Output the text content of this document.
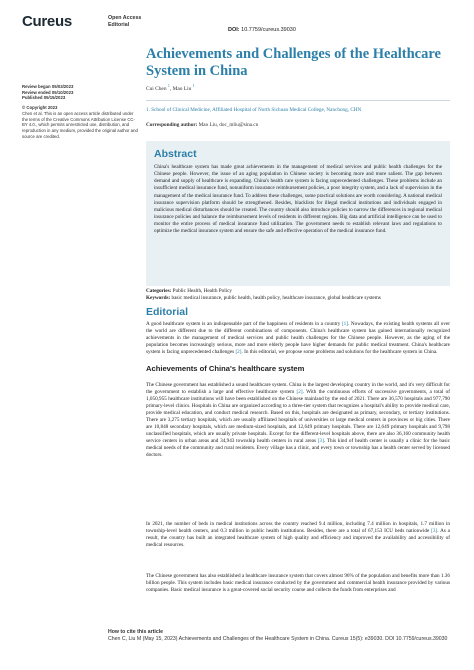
Cureus	Open Access
Editorial
DOI: 10.7759/cureus.39030
Review began 05/03/2023
Review ended 05/10/2023
Published 05/15/2023
© Copyright 2023
Chen et al. This is an open access article distributed under the terms of the Creative Commons Attribution License CC-BY 4.0., which permits unrestricted use, distribution, and reproduction in any medium, provided the original author and source are credited.
Achievements and Challenges of the Healthcare System in China
Cui Chen $^1$, Mao Liu $^1$
1. School of Clinical Medicine, Affiliated Hospital of North Sichuan Medical College, Nanchong, CHN
Corresponding author: Mao Liu, doc_mliu@sina.cn
Abstract
China's healthcare system has made great achievements in the management of medical services and public health challenges for the Chinese people. However, the issue of an aging population in Chinese society is becoming more and more salient. The gap between demand and supply of healthcare is expanding. China's health care system is facing unprecedented challenges. These problems include an insufficient medical insurance fund, nonuniform insurance reimbursement policies, a poor integrity system, and a lack of supervision in the management of the medical insurance fund. To address these challenges, some practical solutions are worth considering. A national medical insurance supervision platform should be strengthened. Besides, blacklists for illegal medical institutions and individuals engaged in malicious medical disturbances should be created. The country should also introduce policies to narrow the differences in regional medical insurance policies and balance the reimbursement levels of residents in different regions. Big data and artificial intelligence can be used to monitor the entire process of medical insurance fund utilization. The government needs to establish relevant laws and regulations to optimize the medical insurance system and ensure the safe and effective operation of the medical insurance fund.
Categories: Public Health, Health Policy
Keywords: basic medical insurance, public health, health policy, healthcare insurance, global healthcare systems
Editorial
A good healthcare system is an indispensable part of the happiness of residents in a country [1]. Nowadays, the existing health systems all over the world are different due to the different combinations of components. China's healthcare system has gained internationally recognized achievements in the management of medical services and public health challenges for the Chinese people. However, as the aging of the population becomes increasingly serious, more and more elderly people have higher demands for public medical treatment. China's healthcare system is facing unprecedented challenges [2]. In this editorial, we propose some problems and solutions for the healthcare system in China.
Achievements of China's healthcare system
The Chinese government has established a sound healthcare system. China is the largest developing country in the world, and it's very difficult for the government to establish a large and effective healthcare system [2]. With the continuous efforts of successive governments, a total of 1,050,955 healthcare institutions will have been established on the Chinese mainland by the end of 2021. There are 36,570 hospitals and 977,790 primary-level clinics. Hospitals in China are organized according to a three-tier system that recognizes a hospital's ability to provide medical care, provide medical education, and conduct medical research. Based on this, hospitals are designated as primary, secondary, or tertiary institutions. There are 3,275 tertiary hospitals, which are usually affiliated hospitals of universities or large medical centers in provinces or big cities. There are 10,848 secondary hospitals, which are medium-sized hospitals, and 12,649 primary hospitals. There are 12,649 primary hospitals and 9,798 unclassified hospitals, which are usually private hospitals. Except for the different-level hospitals above, there are also 36,160 community health service centers in urban areas and 34,943 township health centers in rural areas [3]. This kind of health center is usually a clinic for the basic medical needs of the community and rural residents. Every village has a clinic, and every town or township has a health center served by licensed doctors.
In 2021, the number of beds in medical institutions across the country reached 9.4 million, including 7.4 million in hospitals, 1.7 million in township-level health centers, and 0.3 million in public health institutions. Besides, there are a total of 67,153 ICU beds nationwide [3]. As a result, the country has built an integrated healthcare system of high quality and efficiency and improved the availability and accessibility of medical resources.
The Chinese government has also established a healthcare insurance system that covers almost 96% of the population and benefits more than 1.36 billion people. This system includes basic medical insurance conducted by the government and commercial health insurance provided by various companies. Basic medical insurance is a great-covered social security course and collects the funds from enterprises and
How to cite this article
Chen C, Liu M (May 15, 2023) Achievements and Challenges of the Healthcare System in China. Cureus 15(5): e39030. DOI 10.7759/cureus.39030
